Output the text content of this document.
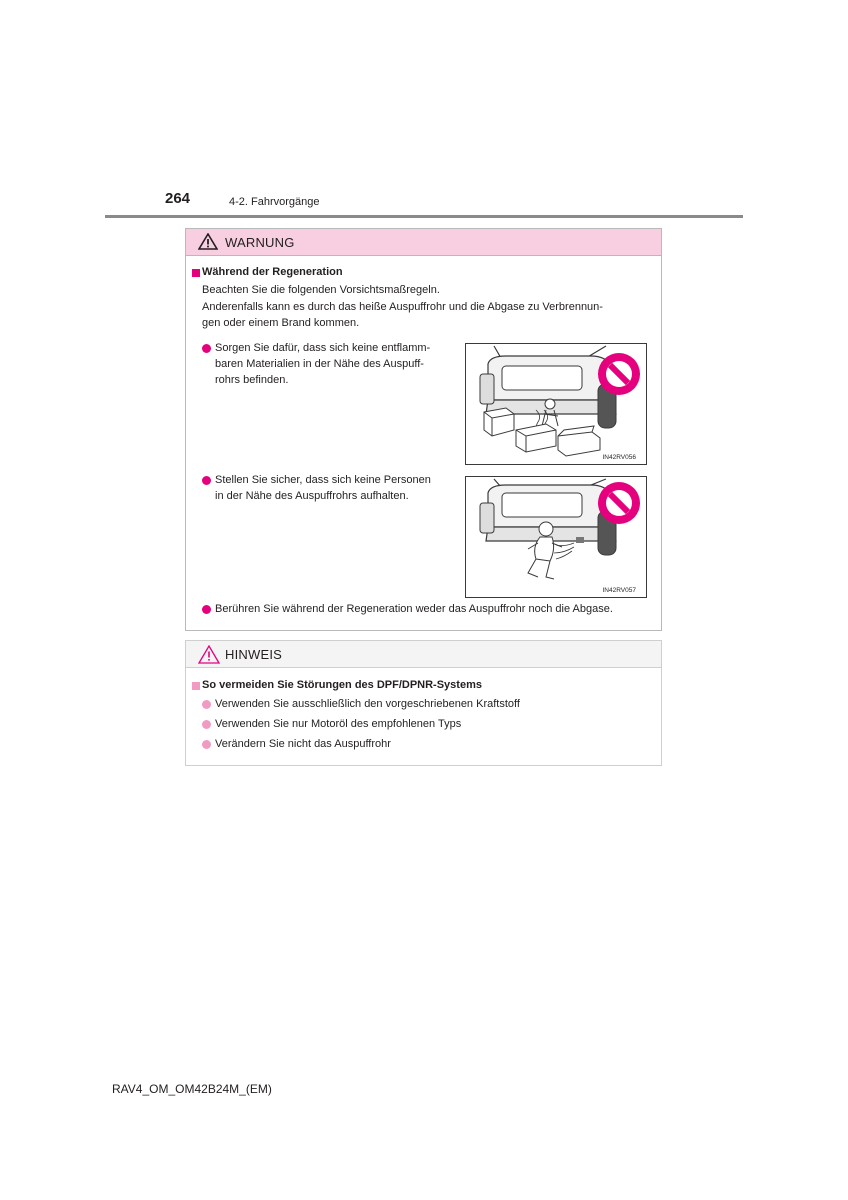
264	4-2. Fahrvorgänge
WARNUNG
Während der Regeneration
Beachten Sie die folgenden Vorsichtsmaßregeln.
Anderenfalls kann es durch das heiße Auspuffrohr und die Abgase zu Verbrennun-
gen oder einem Brand kommen.
Sorgen Sie dafür, dass sich keine entflamm-
baren Materialien in der Nähe des Auspuff-
rohrs befinden.
IN42RV056
Stellen Sie sicher, dass sich keine Personen
in der Nähe des Auspuffrohrs aufhalten.
IN42RV057
Berühren Sie während der Regeneration weder das Auspuffrohr noch die Abgase.
HINWEIS
So vermeiden Sie Störungen des DPF/DPNR-Systems
Verwenden Sie ausschließlich den vorgeschriebenen Kraftstoff
Verwenden Sie nur Motoröl des empfohlenen Typs
Verändern Sie nicht das Auspuffrohr
RAV4_OM_OM42B24M_(EM)
